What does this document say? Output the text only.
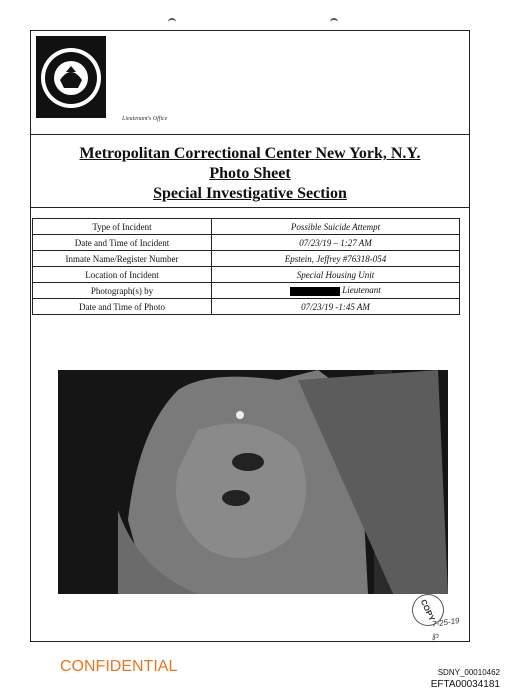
Lieutenant's Office
Metropolitan Correctional Center New York, N.Y.
Photo Sheet
Special Investigative Section
Type of Incident	Possible Suicide Attempt
Date and Time of Incident	07/23/19 – 1:27 AM
Inmate Name/Register Number	Epstein, Jeffrey #76318-054
Location of Incident	Special Housing Unit
Photograph(s) by	Lieutenant
Date and Time of Photo	07/23/19 -1:45 AM
COPY
7-25-19
℘
CONFIDENTIAL	SDNY_00010462
EFTA00034181
